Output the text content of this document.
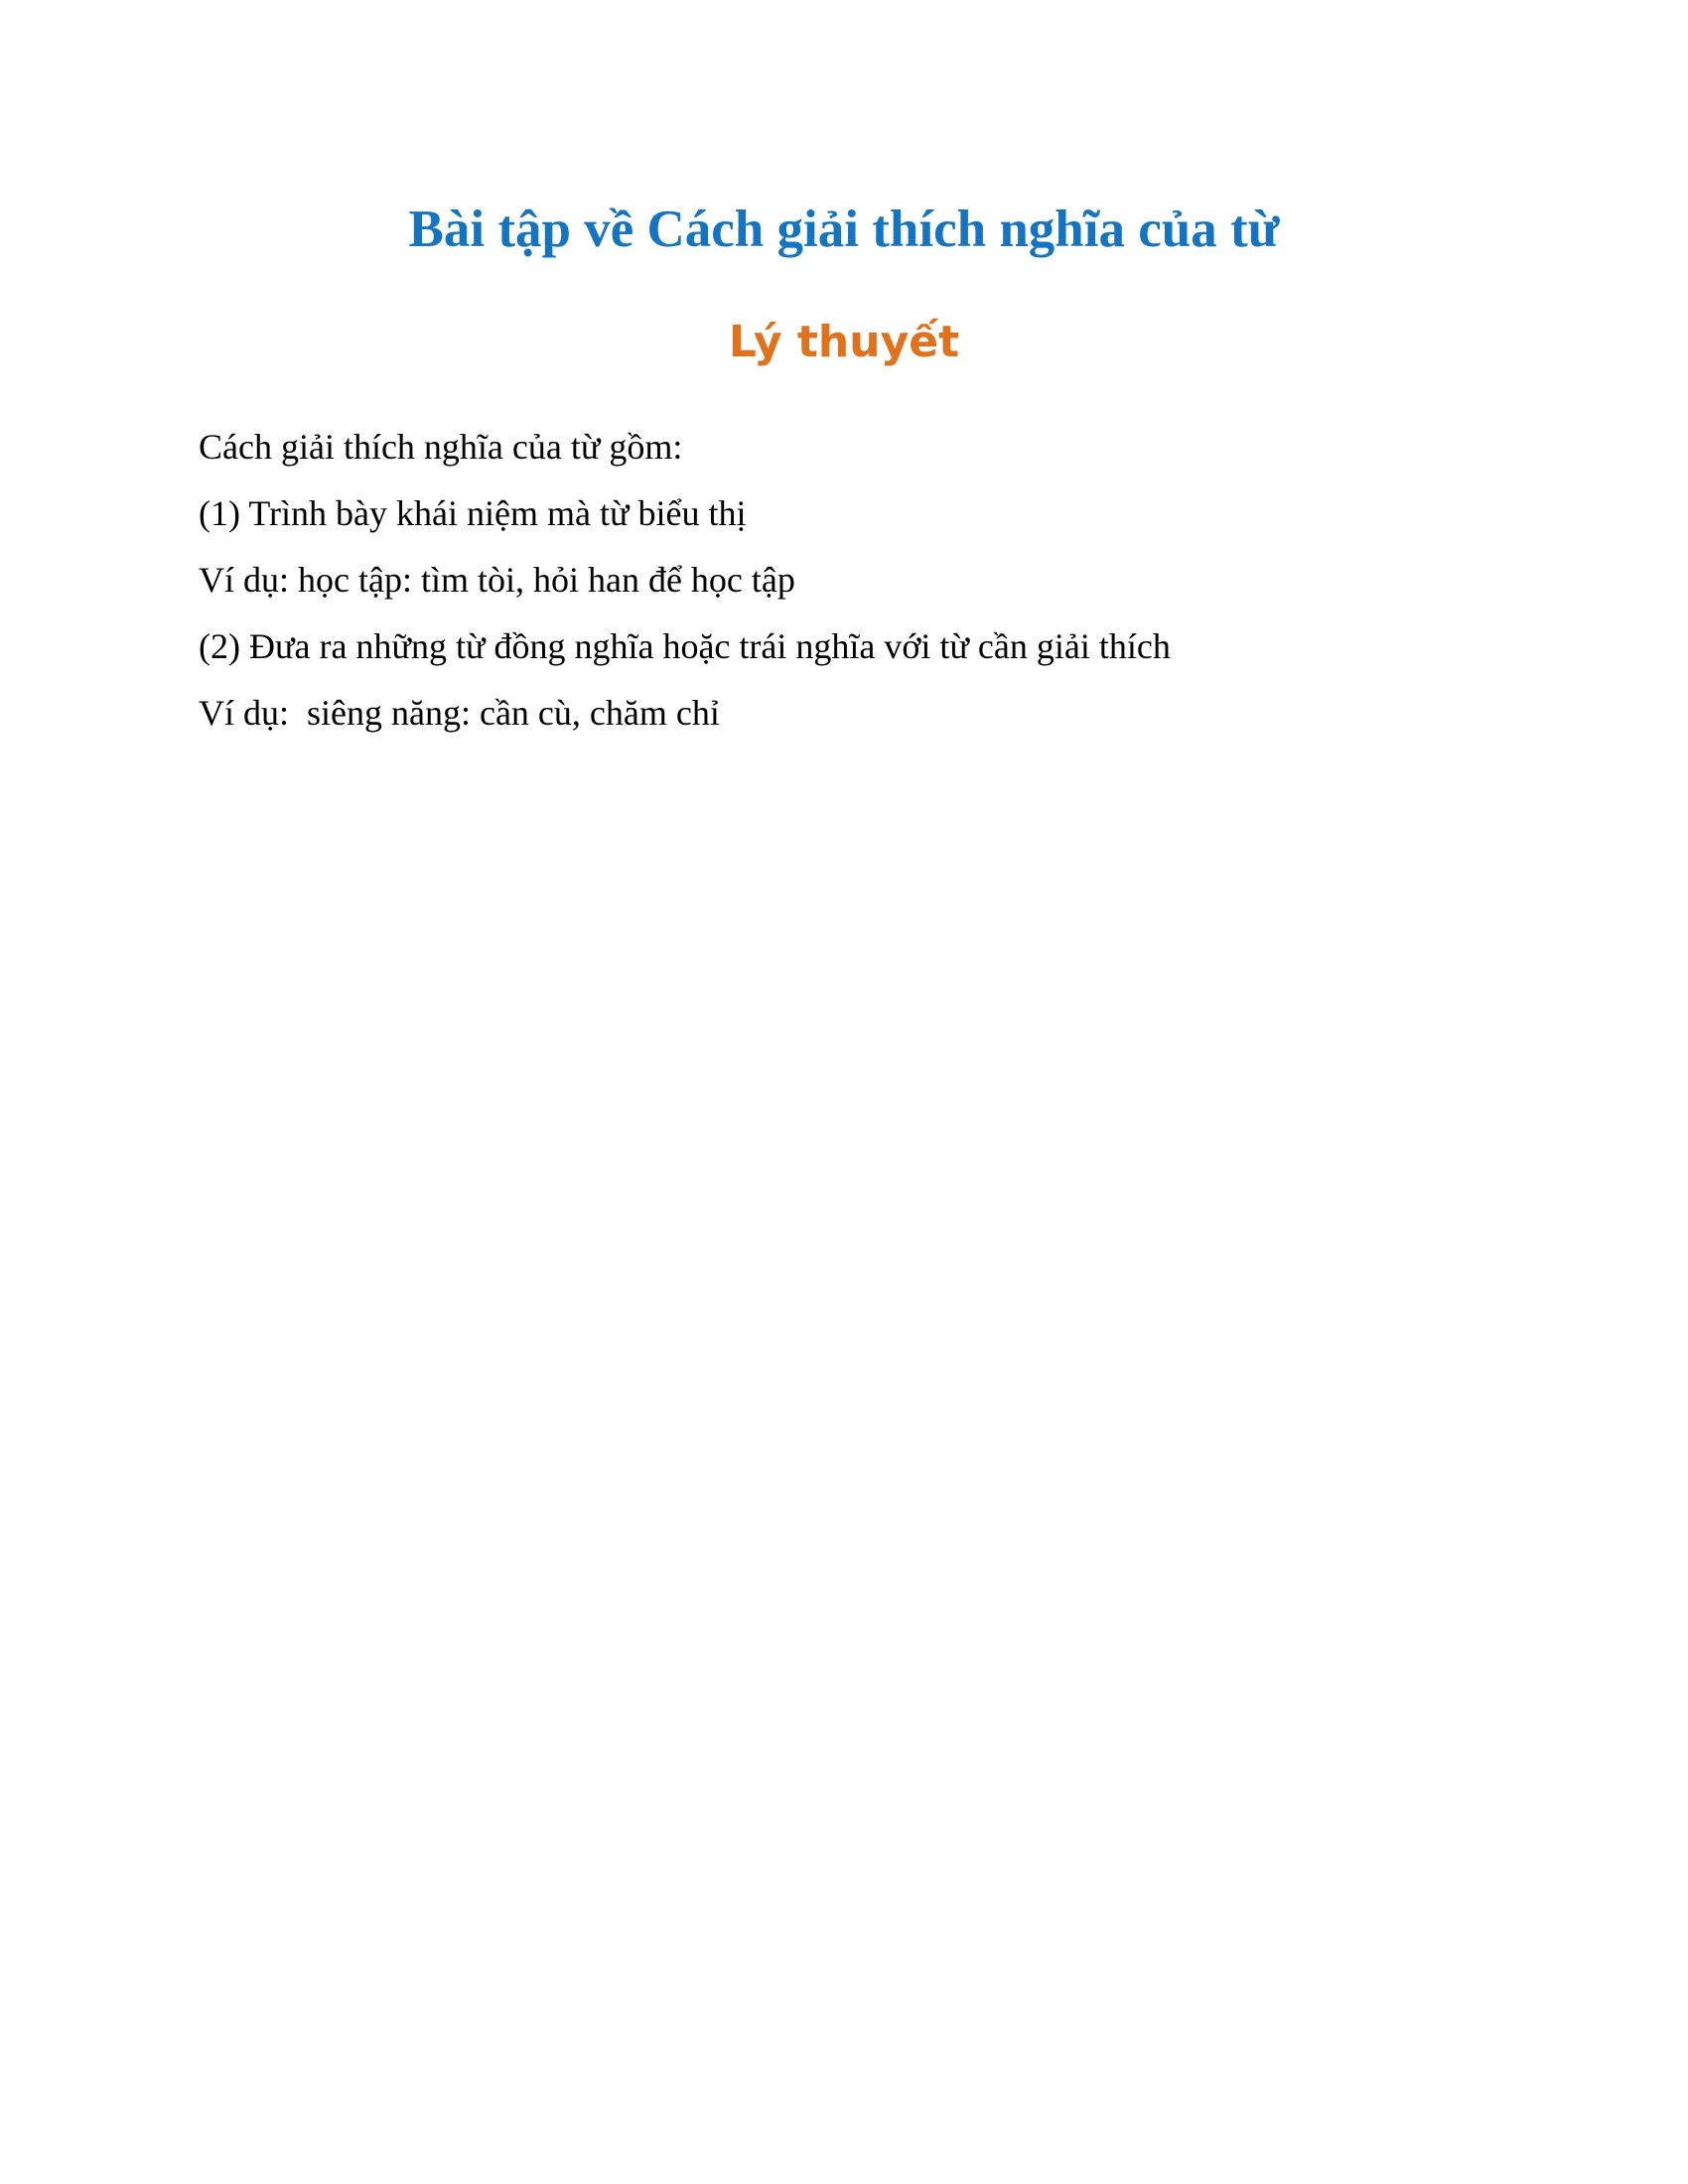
Bài tập về Cách giải thích nghĩa của từ
Lý thuyết

Cách giải thích nghĩa của từ gồm:

(1) Trình bày khái niệm mà từ biểu thị

Ví dụ: học tập: tìm tòi, hỏi han để học tập

(2) Đưa ra những từ đồng nghĩa hoặc trái nghĩa với từ cần giải thích

Ví dụ:  siêng năng: cần cù, chăm chỉ
